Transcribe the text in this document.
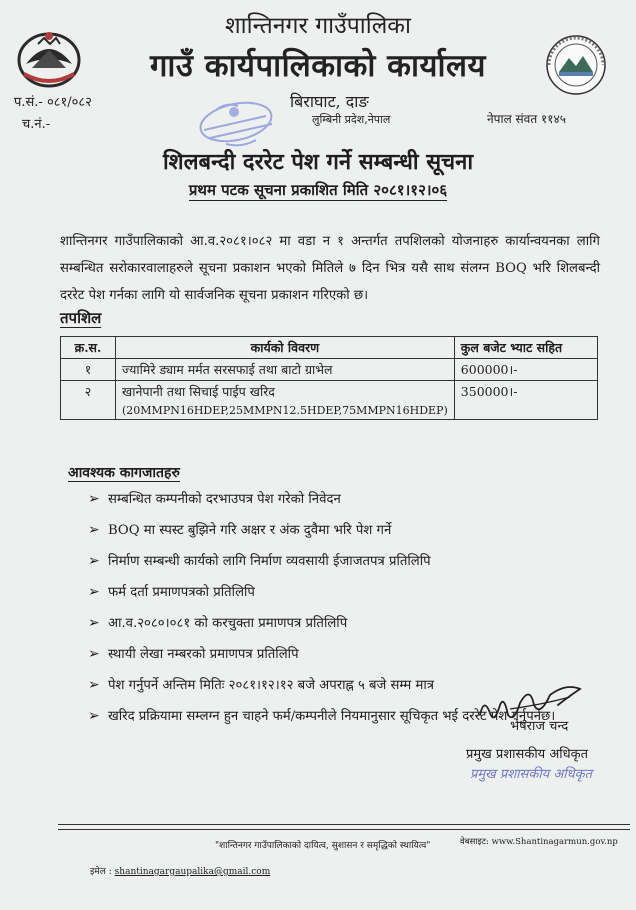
शान्तिनगर गाउँपालिका
गाउँ कार्यपालिकाको कार्यालय
बिराघाट, दाङ
लुम्बिनी प्रदेश,नेपाल
प.सं.- ०८१/०८२
च.नं.-	नेपाल संवत ११४५
शिलबन्दी दररेट पेश गर्ने सम्बन्धी सूचना
प्रथम पटक सूचना प्रकाशित मिति २०८१।१२।०६
शान्तिनगर गाउँपालिकाको आ.व.२०८१।०८२ मा वडा न १ अन्तर्गत तपशिलको योजनाहरु कार्यान्वयनका लागि सम्बन्धित सरोकारवालाहरुले सूचना प्रकाशन भएको मितिले ७ दिन भित्र यसै साथ संलग्न BOQ भरि शिलबन्दी दररेट पेश गर्नका लागि यो सार्वजनिक सूचना प्रकाशन गरिएको छ।
तपशिल
क्र.स.	कार्यको विवरण	कुल बजेट भ्याट सहित
१	ज्यामिरे ड्याम मर्मत सरसफाई तथा बाटो ग्राभेल	600000।-
२	खानेपानी तथा सिचाई पाईप खरिद
(20MMPN16HDEP,25MMPN12.5HDEP,75MMPN16HDEP)	350000।-
आवश्यक कागजातहरु
➢ सम्बन्धित कम्पनीको दरभाउपत्र पेश गरेको निवेदन
➢ BOQ मा स्पस्ट बुझिने गरि अक्षर र अंक दुवैमा भरि पेश गर्ने
➢ निर्माण सम्बन्धी कार्यको लागि निर्माण व्यवसायी ईजाजतपत्र प्रतिलिपि
➢ फर्म दर्ता प्रमाणपत्रको प्रतिलिपि
➢ आ.व.२०८०।०८१ को करचुक्ता प्रमाणपत्र प्रतिलिपि
➢ स्थायी लेखा नम्बरको प्रमाणपत्र प्रतिलिपि
➢ पेश गर्नुपर्ने अन्तिम मितिः २०८१।१२।१२ बजे अपराह्न ५ बजे सम्म मात्र
➢ खरिद प्रक्रियामा सम्लग्न हुन चाहने फर्म/कम्पनीले नियमानुसार सूचिकृत भई दररेट पेश गर्नुपर्नेछ।
भेषराज चन्द
प्रमुख प्रशासकीय अधिकृत
प्रमुख प्रशासकीय अधिकृत
"शान्तिनगर गाउँपालिकाको दायित्व, सुशासन र समृद्धिको स्थायित्व"	वेबसाइट: www.Shantinagarmun.gov.np
इमेल : shantinagargaupalika@gmail.com
